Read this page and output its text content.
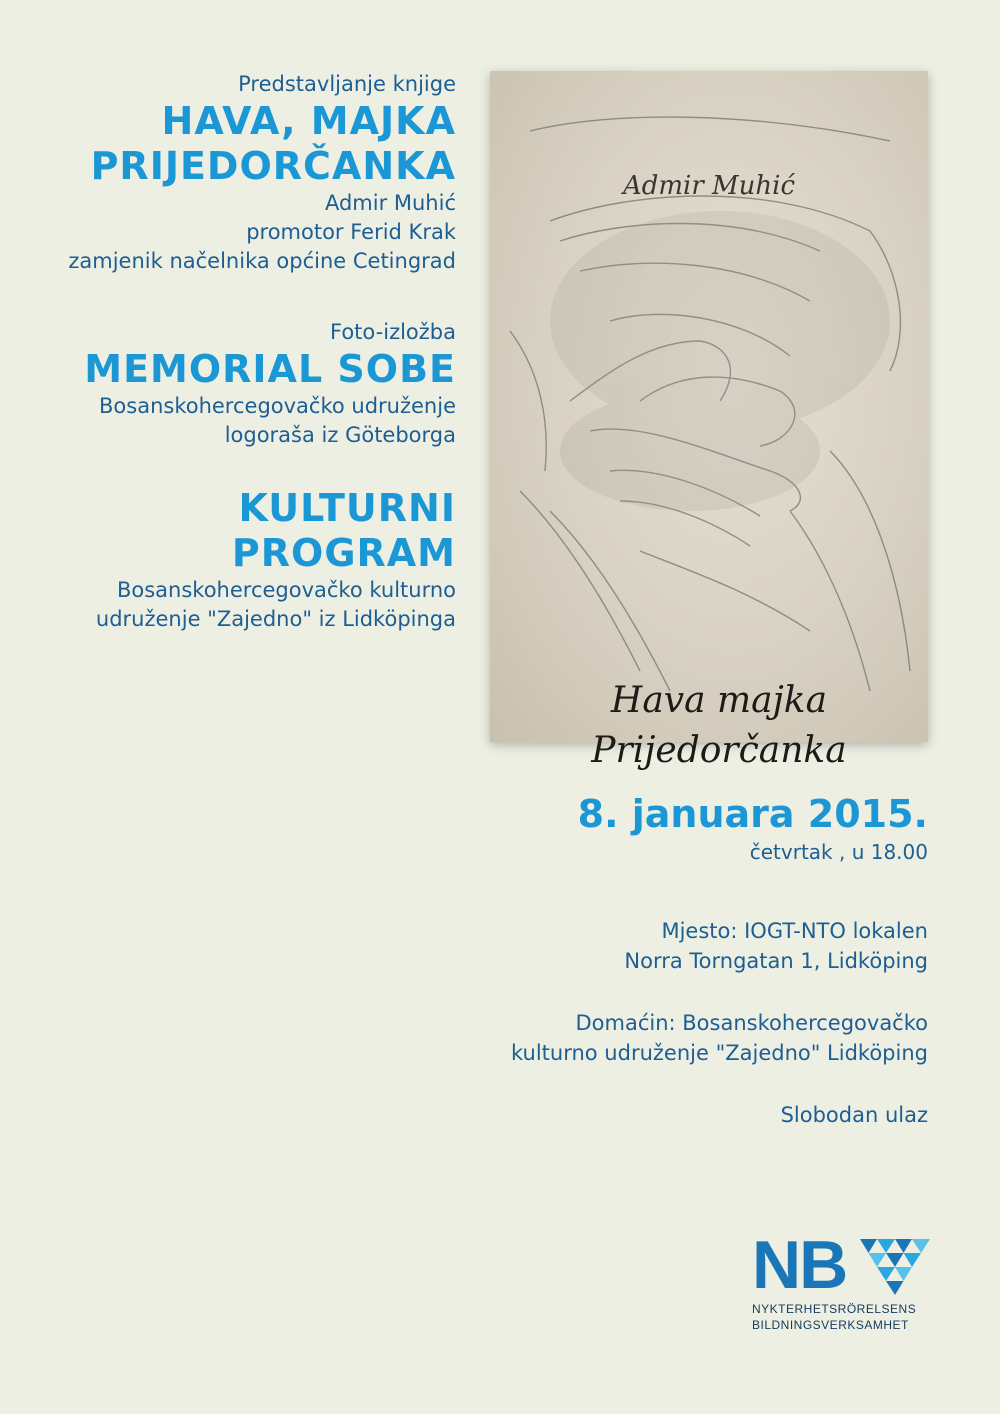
Predstavljanje knjige
HAVA, MAJKA
PRIJEDORČANKA
Admir Muhić
promotor Ferid Krak
zamjenik načelnika općine Cetingrad
Foto-izložba
MEMORIAL SOBE
Bosanskohercegovačko udruženje
logoraša iz Göteborga
KULTURNI PROGRAM
Bosanskohercegovačko kulturno
udruženje "Zajedno" iz Lidköpinga
Admir Muhić
Hava majka
Prijedorčanka
8. januara 2015.
četvrtak , u 18.00
Mjesto: IOGT-NTO lokalen
Norra Torngatan 1, Lidköping
Domaćin: Bosanskohercegovačko
kulturno udruženje "Zajedno" Lidköping
Slobodan ulaz
NB
NYKTERHETSRÖRELSENS
BILDNINGSVERKSAMHET
